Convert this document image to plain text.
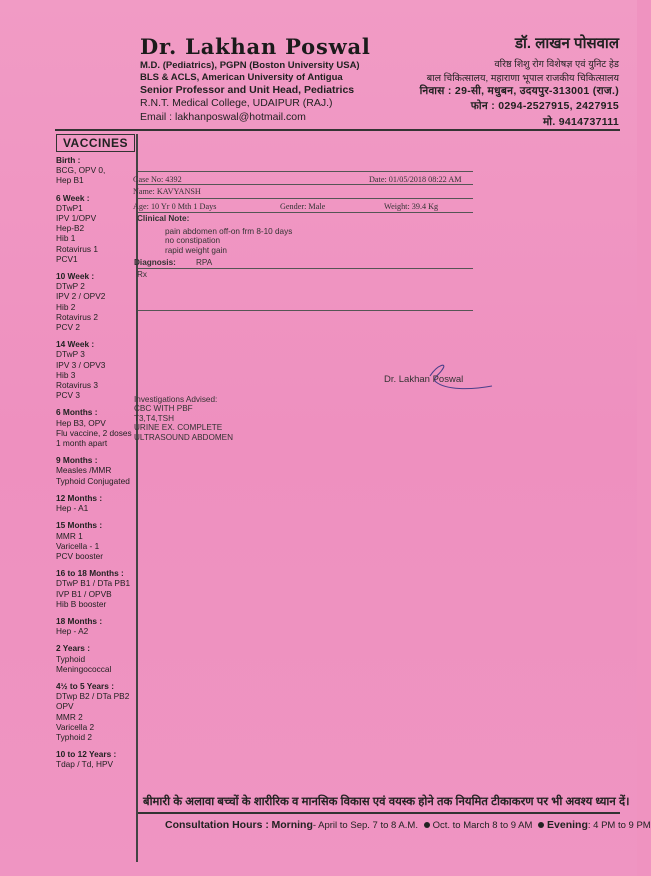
Dr. Lakhan Poswal
M.D. (Pediatrics), PGPN (Boston University USA)
BLS & ACLS, American University of Antigua
Senior Professor and Unit Head, Pediatrics
R.N.T. Medical College, UDAIPUR (RAJ.)
Email : lakhanposwal@hotmail.com
डॉ. लाखन पोसवाल
वरिष्ठ शिशु रोग विशेषज्ञ एवं युनिट हेड
बाल चिकित्सालय, महाराणा भूपाल राजकीय चिकित्सालय
निवास : 29-सी, मधुबन, उदयपुर-313001 (राज.)
फोन : 0294-2527915, 2427915
मो. 9414737111
VACCINES
Birth :
BCG, OPV 0,
Hep B1
6 Week :
DTwP1
IPV 1/OPV
Hep-B2
Hib 1
Rotavirus 1
PCV1
10 Week :
DTwP 2
IPV 2 / OPV2
Hib 2
Rotavirus 2
PCV 2
14 Week :
DTwP 3
IPV 3 / OPV3
Hib 3
Rotavirus 3
PCV 3
6 Months :
Hep B3, OPV
Flu vaccine, 2 doses
1 month apart
9 Months :
Measles /MMR
Typhoid Conjugated
12 Months :
Hep - A1
15 Months :
MMR 1
Varicella - 1
PCV booster
16 to 18 Months :
DTwP B1 / DTa PB1
IVP B1 / OPVB
Hib B booster
18 Months :
Hep - A2
2 Years :
Typhoid
Meningococcal
4½ to 5 Years :
DTwp B2 / DTa PB2
OPV
MMR 2
Varicella 2
Typhoid 2
10 to 12 Years :
Tdap / Td, HPV
Case No: 4392	Date: 01/05/2018 08:22 AM
Name: KAVYANSH
Age: 10 Yr 0 Mth 1 Days	Gender: Male	Weight: 39.4 Kg
Clinical Note:
pain abdomen off-on frm 8-10 days
no constipation
rapid weight gain
Diagnosis: RPA
Rx
Dr. Lakhan Poswal
Investigations Advised:
CBC WITH PBF
T3,T4,TSH
URINE EX. COMPLETE
ULTRASOUND ABDOMEN
बीमारी के अलावा बच्चों के शारीरिक व मानसिक विकास एवं वयस्क होने तक नियमित टीकाकरण पर भी अवश्य ध्यान दें।
Consultation Hours : Morning- April to Sep. 7 to 8 A.M. Oct. to March 8 to 9 AM Evening: 4 PM to 9 PM
